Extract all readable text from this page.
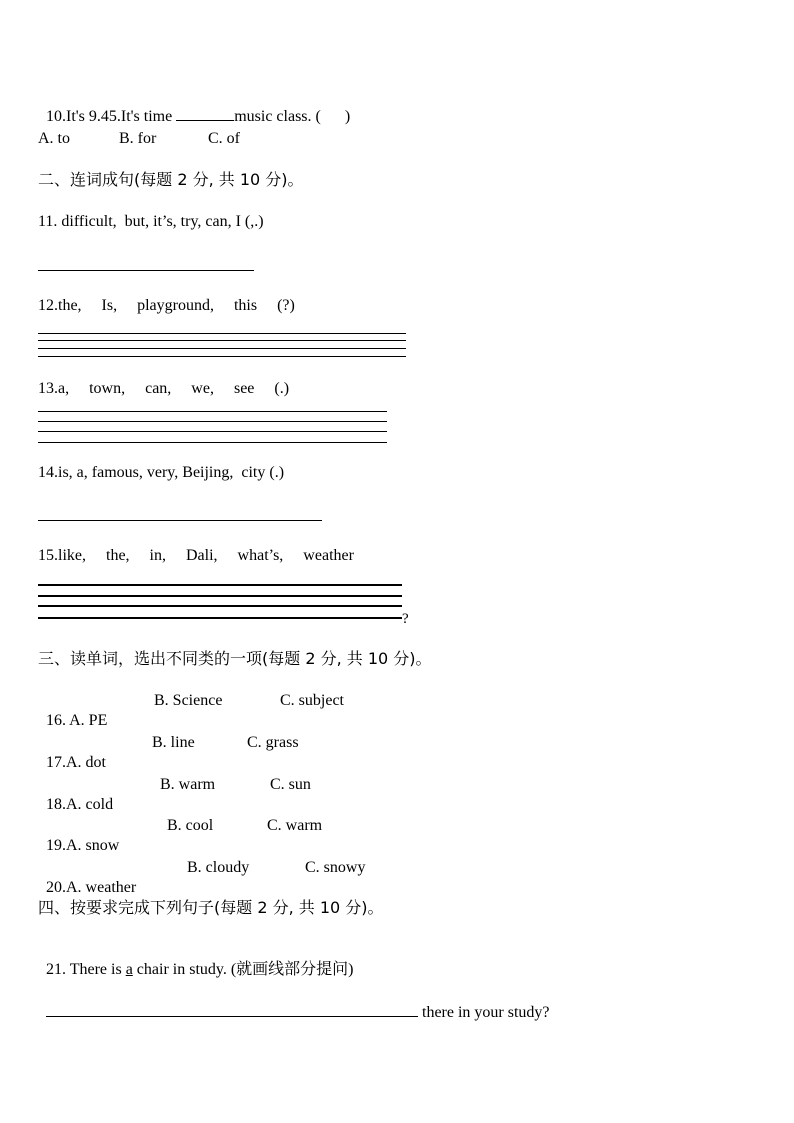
10.It's 9.45.It's time	music class. (      )

A. to	B. for	C. of
二、连词成句(每题 2 分, 共 10 分)。
11. difficult,  but, it’s, try, can, I (,.)
12.the,     Is,     playground,     this     (?)
13.a,     town,     can,     we,     see     (.)
14.is, a, famous, very, Beijing,  city (.)
15.like,     the,     in,     Dali,     what’s,     weather
?
三、读单词，选出不同类的一项(每题 2 分, 共 10 分)。

16. A. PE

B. Science	C. subject

17.A. dot

B. line	C. grass

18.A. cold

B. warm	C. sun

19.A. snow

B. cool	C. warm

20.A. weather

B. cloudy	C. snowy
四、按要求完成下列句子(每题 2 分, 共 10 分)。

21. There is a chair in study. (就画线部分提问)

there in your study?
